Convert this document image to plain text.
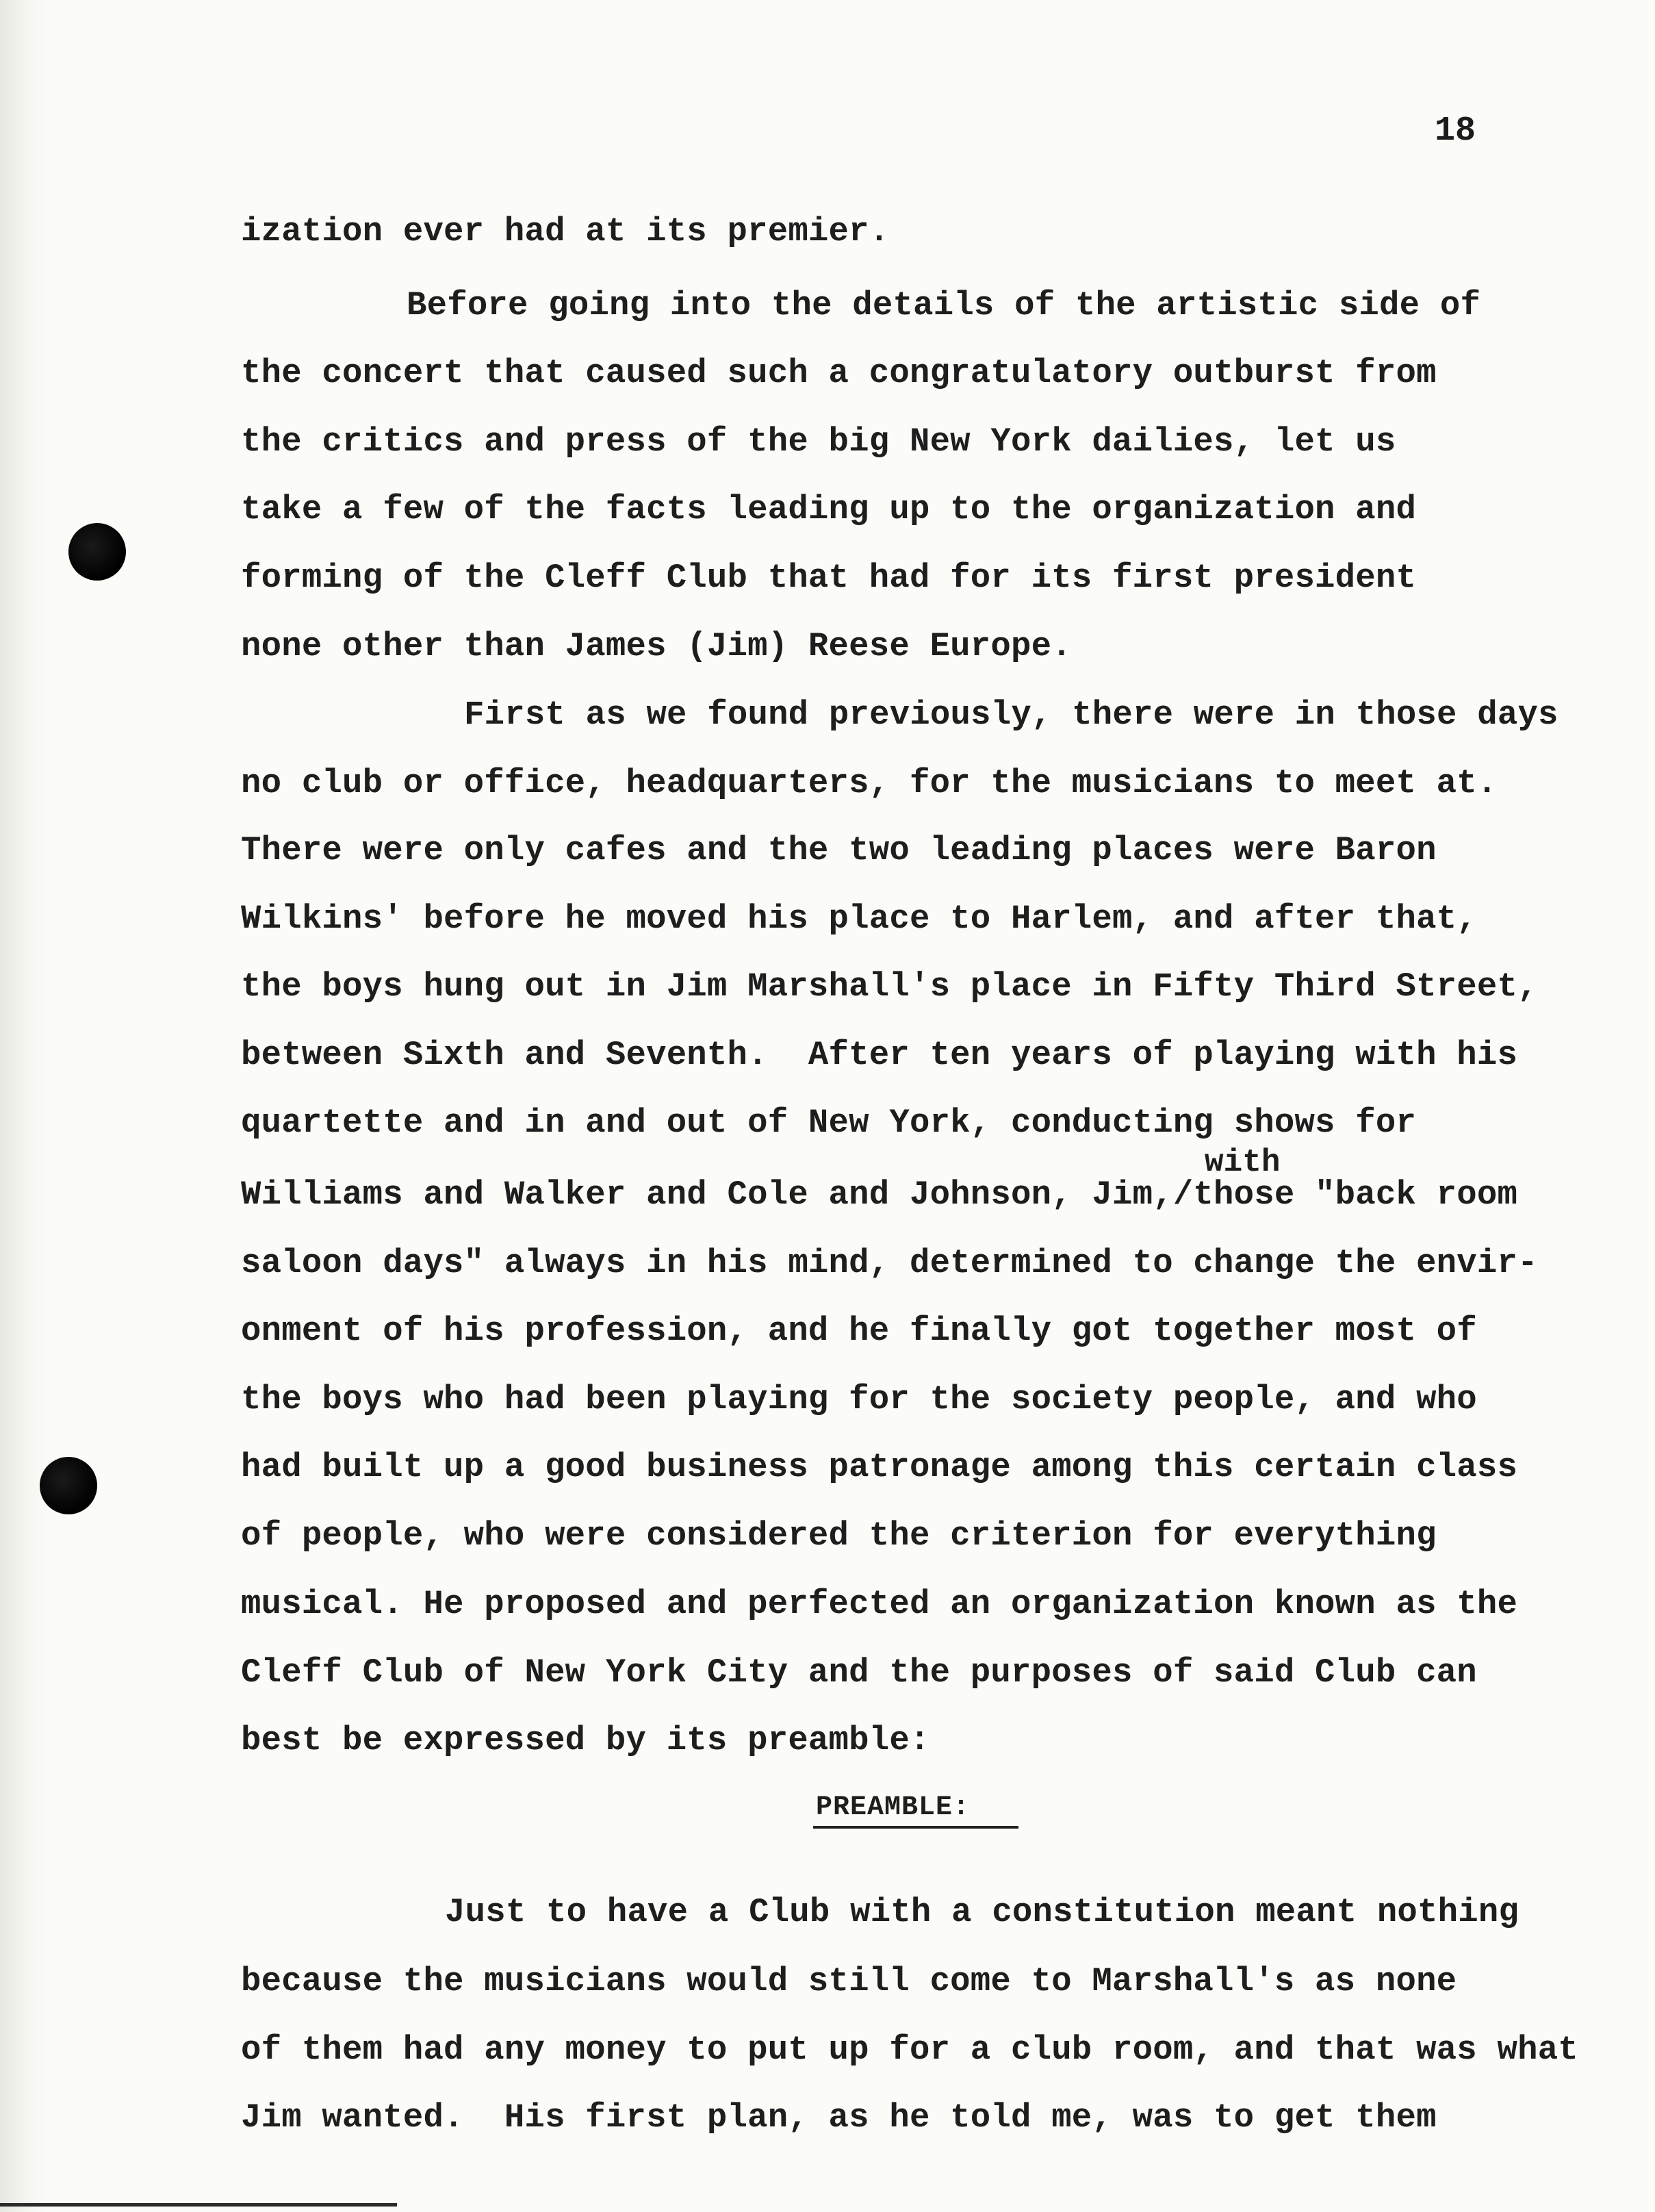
18
ization ever had at its premier.
Before going into the details of the artistic side of
the concert that caused such a congratulatory outburst from
the critics and press of the big New York dailies, let us
take a few of the facts leading up to the organization and
forming of the Cleff Club that had for its first president
none other than James (Jim) Reese Europe.
First as we found previously, there were in those days
no club or office, headquarters, for the musicians to meet at.
There were only cafes and the two leading places were Baron
Wilkins' before he moved his place to Harlem, and after that,
the boys hung out in Jim Marshall's place in Fifty Third Street,
between Sixth and Seventh.  After ten years of playing with his
quartette and in and out of New York, conducting shows for
with
Williams and Walker and Cole and Johnson, Jim,/those "back room
saloon days" always in his mind, determined to change the envir-
onment of his profession, and he finally got together most of
the boys who had been playing for the society people, and who
had built up a good business patronage among this certain class
of people, who were considered the criterion for everything
musical. He proposed and perfected an organization known as the
Cleff Club of New York City and the purposes of said Club can
best be expressed by its preamble:
PREAMBLE:
Just to have a Club with a constitution meant nothing
because the musicians would still come to Marshall's as none
of them had any money to put up for a club room, and that was what
Jim wanted.  His first plan, as he told me, was to get them
